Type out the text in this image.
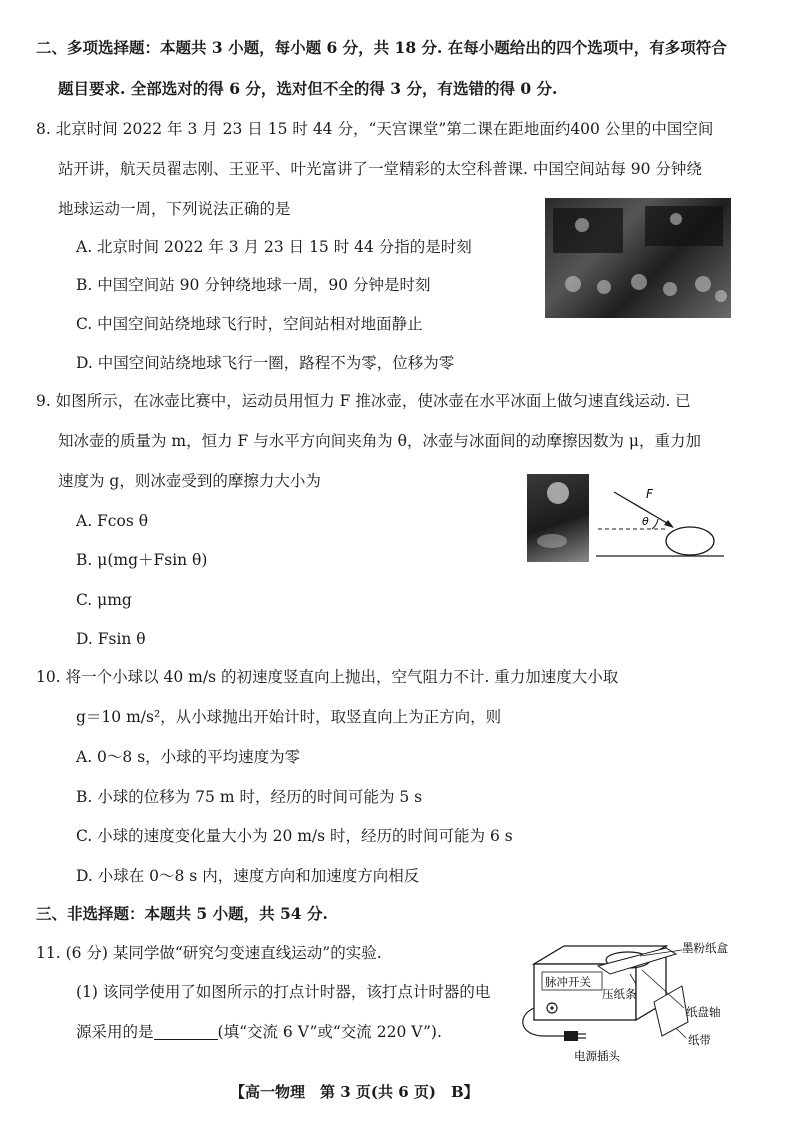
二、多项选择题：本题共 3 小题，每小题 6 分，共 18 分. 在每小题给出的四个选项中，有多项符合
题目要求. 全部选对的得 6 分，选对但不全的得 3 分，有选错的得 0 分.
8. 北京时间 2022 年 3 月 23 日 15 时 44 分，“天宫课堂”第二课在距地面约400 公里的中国空间
站开讲，航天员翟志刚、王亚平、叶光富讲了一堂精彩的太空科普课. 中国空间站每 90 分钟绕
地球运动一周，下列说法正确的是
A. 北京时间 2022 年 3 月 23 日 15 时 44 分指的是时刻
B. 中国空间站 90 分钟绕地球一周，90 分钟是时刻
C. 中国空间站绕地球飞行时，空间站相对地面静止
D. 中国空间站绕地球飞行一圈，路程不为零，位移为零
9. 如图所示，在冰壶比赛中，运动员用恒力 F 推冰壶，使冰壶在水平冰面上做匀速直线运动. 已
知冰壶的质量为 m，恒力 F 与水平方向间夹角为 θ，冰壶与冰面间的动摩擦因数为 μ，重力加
速度为 g，则冰壶受到的摩擦力大小为
A. Fcos θ
B. μ(mg＋Fsin θ)
C. μmg
D. Fsin θ
F
θ
10. 将一个小球以 40 m/s 的初速度竖直向上抛出，空气阻力不计. 重力加速度大小取
g＝10 m/s²，从小球抛出开始计时，取竖直向上为正方向，则
A. 0～8 s，小球的平均速度为零
B. 小球的位移为 75 m 时，经历的时间可能为 5 s
C. 小球的速度变化量大小为 20 m/s 时，经历的时间可能为 6 s
D. 小球在 0～8 s 内，速度方向和加速度方向相反
三、非选择题：本题共 5 小题，共 54 分.
11. (6 分) 某同学做“研究匀变速直线运动”的实验.
(1) 该同学使用了如图所示的打点计时器，该打点计时器的电
源采用的是	(填“交流 6 V”或“交流 220 V”).
脉冲开关
墨粉纸盒
压纸条
纸盘轴
纸带
电源插头
【高一物理　第 3 页(共 6 页)　B】
